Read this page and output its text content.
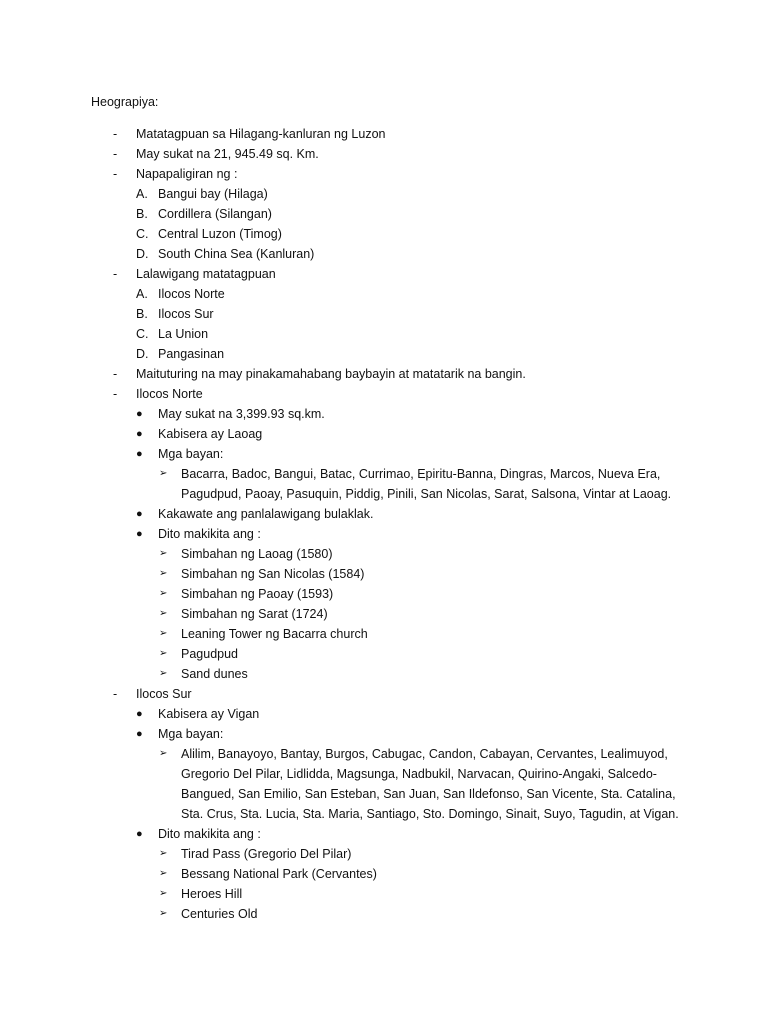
Heograpiya:
- Matatagpuan sa Hilagang-kanluran ng Luzon
- May sukat na 21, 945.49 sq. Km.
- Napapaligiran ng :
A. Bangui bay (Hilaga)
B. Cordillera (Silangan)
C. Central Luzon (Timog)
D. South China Sea (Kanluran)
- Lalawigang matatagpuan
A. Ilocos Norte
B. Ilocos Sur
C. La Union
D. Pangasinan
- Maituturing na may pinakamahabang baybayin at matatarik na bangin.
- Ilocos Norte
● May sukat na 3,399.93 sq.km.
● Kabisera ay Laoag
● Mga bayan:
➢ Bacarra, Badoc, Bangui, Batac, Currimao, Epiritu-Banna, Dingras, Marcos, Nueva Era,
Pagudpud, Paoay, Pasuquin, Piddig, Pinili, San Nicolas, Sarat, Salsona, Vintar at Laoag.
● Kakawate ang panlalawigang bulaklak.
● Dito makikita ang :
➢ Simbahan ng Laoag (1580)
➢ Simbahan ng San Nicolas (1584)
➢ Simbahan ng Paoay (1593)
➢ Simbahan ng Sarat (1724)
➢ Leaning Tower ng Bacarra church
➢ Pagudpud
➢ Sand dunes
- Ilocos Sur
● Kabisera ay Vigan
● Mga bayan:
➢ Alilim, Banayoyo, Bantay, Burgos, Cabugac, Candon, Cabayan, Cervantes, Lealimuyod,
Gregorio Del Pilar, Lidlidda, Magsunga, Nadbukil, Narvacan, Quirino-Angaki, Salcedo-
Bangued, San Emilio, San Esteban, San Juan, San Ildefonso, San Vicente, Sta. Catalina,
Sta. Crus, Sta. Lucia, Sta. Maria, Santiago, Sto. Domingo, Sinait, Suyo, Tagudin, at Vigan.
● Dito makikita ang :
➢ Tirad Pass (Gregorio Del Pilar)
➢ Bessang National Park (Cervantes)
➢ Heroes Hill
➢ Centuries Old
